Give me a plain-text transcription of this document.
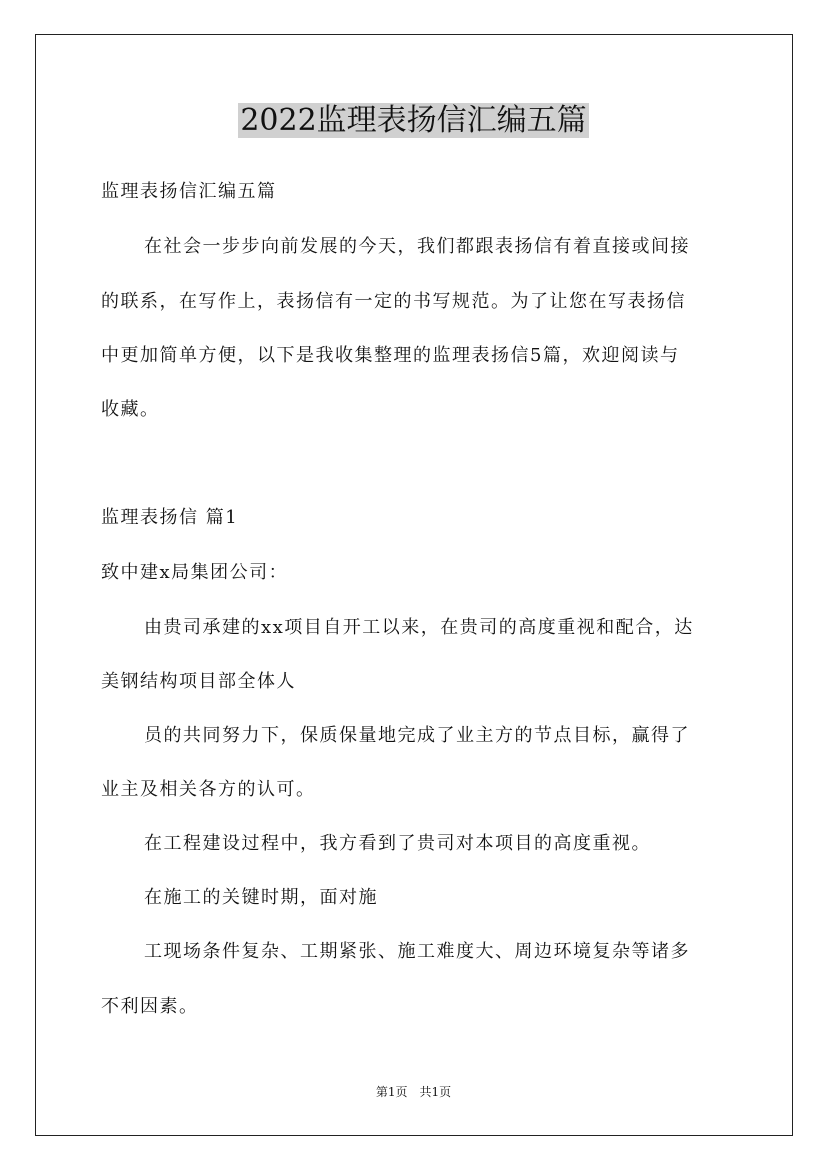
2022监理表扬信汇编五篇

监理表扬信汇编五篇

在社会一步步向前发展的今天，我们都跟表扬信有着直接或间接

的联系，在写作上，表扬信有一定的书写规范。为了让您在写表扬信

中更加简单方便，以下是我收集整理的监理表扬信5篇，欢迎阅读与

收藏。

监理表扬信 篇1

致中建x局集团公司：

由贵司承建的xx项目自开工以来，在贵司的高度重视和配合，达

美钢结构项目部全体人

员的共同努力下，保质保量地完成了业主方的节点目标，赢得了

业主及相关各方的认可。

在工程建设过程中，我方看到了贵司对本项目的高度重视。

在施工的关键时期，面对施

工现场条件复杂、工期紧张、施工难度大、周边环境复杂等诸多

不利因素。

第1页　共1页
